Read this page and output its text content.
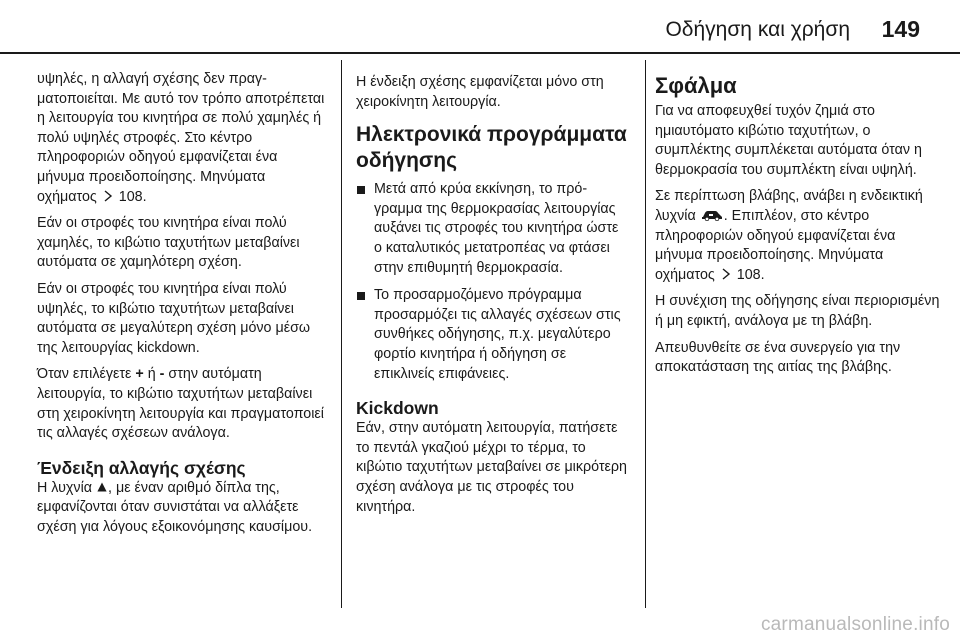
Οδήγηση και χρήση 149

υψηλές, η αλλαγή σχέσης δεν πραγματοποιείται. Με αυτό τον τρόπο αποτρέπεται η λειτουργία του κινητήρα σε πολύ χαμηλές ή πολύ υψηλές στροφές. Στο κέντρο πληροφοριών οδηγού εμφανίζεται ένα μήνυμα προειδοποίησης. Μηνύματα οχήματος 108.

Εάν οι στροφές του κινητήρα είναι πολύ χαμηλές, το κιβώτιο ταχυτήτων μεταβαίνει αυτόματα σε χαμηλότερη σχέση.

Εάν οι στροφές του κινητήρα είναι πολύ υψηλές, το κιβώτιο ταχυτήτων μεταβαίνει αυτόματα σε μεγαλύτερη σχέση μόνο μέσω της λειτουργίας kickdown.

Όταν επιλέγετε + ή - στην αυτόματη λειτουργία, το κιβώτιο ταχυτήτων μεταβαίνει στη χειροκίνητη λειτουργία και πραγματοποιεί τις αλλαγές σχέσεων ανάλογα.

Ένδειξη αλλαγής σχέσης

Η λυχνία , με έναν αριθμό δίπλα της, εμφανίζονται όταν συνιστάται να αλλάξετε σχέση για λόγους εξοικονόμησης καυσίμου.

Η ένδειξη σχέσης εμφανίζεται μόνο στη χειροκίνητη λειτουργία.

Ηλεκτρονικά προγράμματα οδήγησης
Μετά από κρύα εκκίνηση, το πρόγραμμα της θερμοκρασίας λειτουργίας αυξάνει τις στροφές του κινητήρα ώστε ο καταλυτικός μετατροπέας να φτάσει στην επιθυμητή θερμοκρασία.
Το προσαρμοζόμενο πρόγραμμα προσαρμόζει τις αλλαγές σχέσεων στις συνθήκες οδήγησης, π.χ. μεγαλύτερο φορτίο κινητήρα ή οδήγηση σε επικλινείς επιφάνειες.
Kickdown

Εάν, στην αυτόματη λειτουργία, πατήσετε το πεντάλ γκαζιού μέχρι το τέρμα, το κιβώτιο ταχυτήτων μεταβαίνει σε μικρότερη σχέση ανάλογα με τις στροφές του κινητήρα.

Σφάλμα

Για να αποφευχθεί τυχόν ζημιά στο ημιαυτόματο κιβώτιο ταχυτήτων, ο συμπλέκτης συμπλέκεται αυτόματα όταν η θερμοκρασία του συμπλέκτη είναι υψηλή.

Σε περίπτωση βλάβης, ανάβει η ενδεικτική λυχνία . Επιπλέον, στο κέντρο πληροφοριών οδηγού εμφανίζεται ένα μήνυμα προειδοποίησης. Μηνύματα οχήματος 108.

Η συνέχιση της οδήγησης είναι περιορισμένη ή μη εφικτή, ανάλογα με τη βλάβη.

Απευθυνθείτε σε ένα συνεργείο για την αποκατάσταση της αιτίας της βλάβης.

carmanualsonline.info
